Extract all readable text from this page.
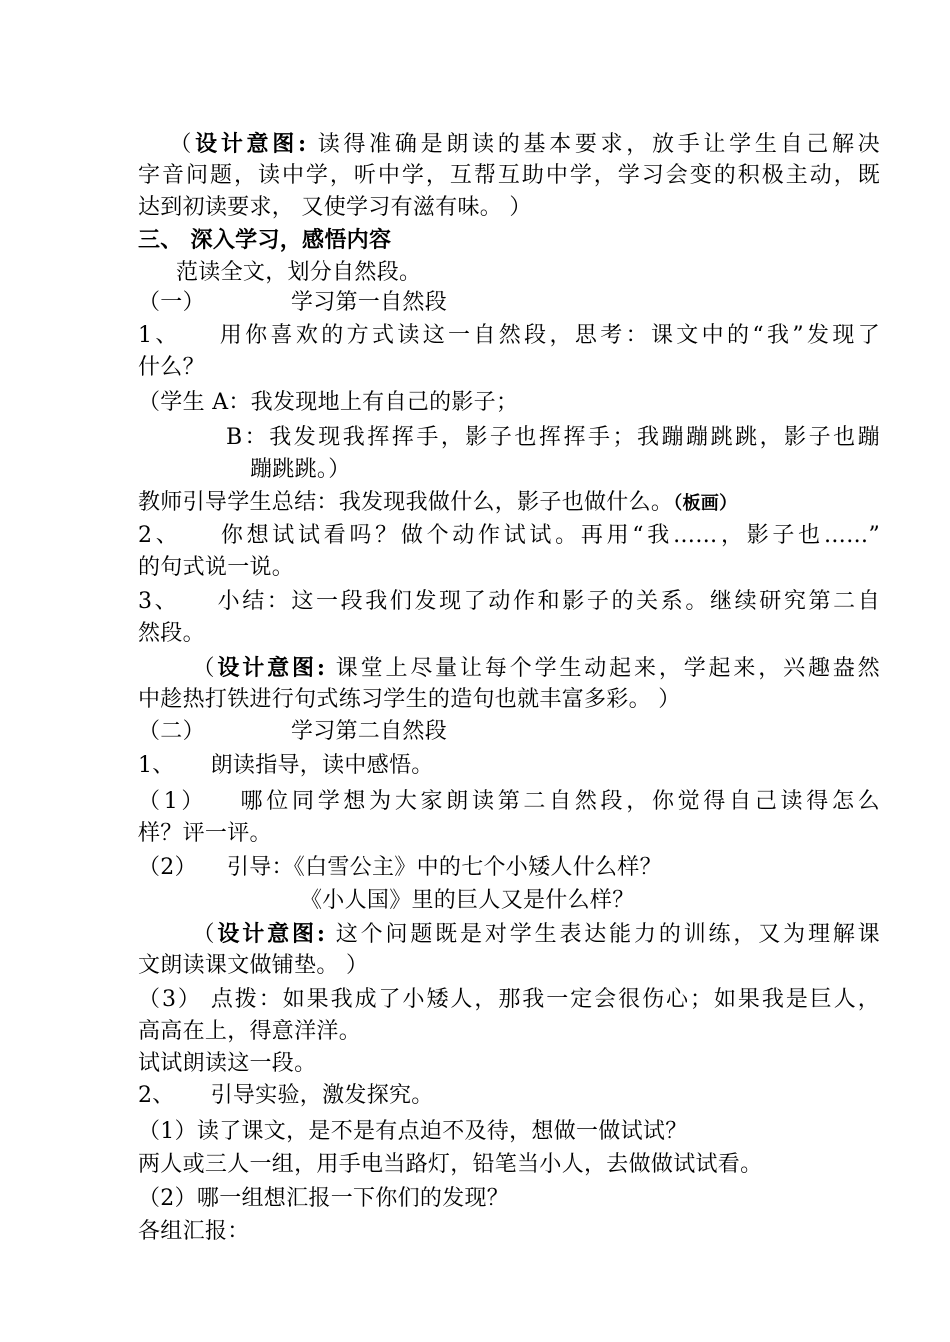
（设计意图: 读得准确是朗读的基本要求，放手让学生自己解决
字音问题，读中学，听中学，互帮互助中学，学习会变的积极主动，既
达到初读要求， 又使学习有滋有味。 ）
三、 深入学习，感悟内容
范读全文，划分自然段。
（一）	学习第一自然段
1、 用你喜欢的方式读这一自然段，思考：课文中的“我”发现了
什么？
（学生 A：我发现地上有自己的影子；
B：我发现我挥挥手，影子也挥挥手；我蹦蹦跳跳，影子也蹦
蹦跳跳。）
教师引导学生总结：我发现我做什么，影子也做什么。（板画）
2、 你想试试看吗？做个动作试试。再用“我……，影子也……”
的句式说一说。
3、 小结：这一段我们发现了动作和影子的关系。继续研究第二自
然段。
（设计意图: 课堂上尽量让每个学生动起来，学起来，兴趣盎然
中趁热打铁进行句式练习学生的造句也就丰富多彩。 ）
（二）	学习第二自然段
1、 朗读指导，读中感悟。
（1） 哪位同学想为大家朗读第二自然段，你觉得自己读得怎么
样？评一评。
（2） 引导：《白雪公主》中的七个小矮人什么样？
《小人国》里的巨人又是什么样？
（设计意图: 这个问题既是对学生表达能力的训练，又为理解课
文朗读课文做铺垫。 ）
（3） 点拨：如果我成了小矮人，那我一定会很伤心；如果我是巨人，
高高在上，得意洋洋。
试试朗读这一段。
2、 引导实验，激发探究。
（1）读了课文，是不是有点迫不及待，想做一做试试？
两人或三人一组，用手电当路灯，铅笔当小人，去做做试试看。
（2）哪一组想汇报一下你们的发现？
各组汇报：
